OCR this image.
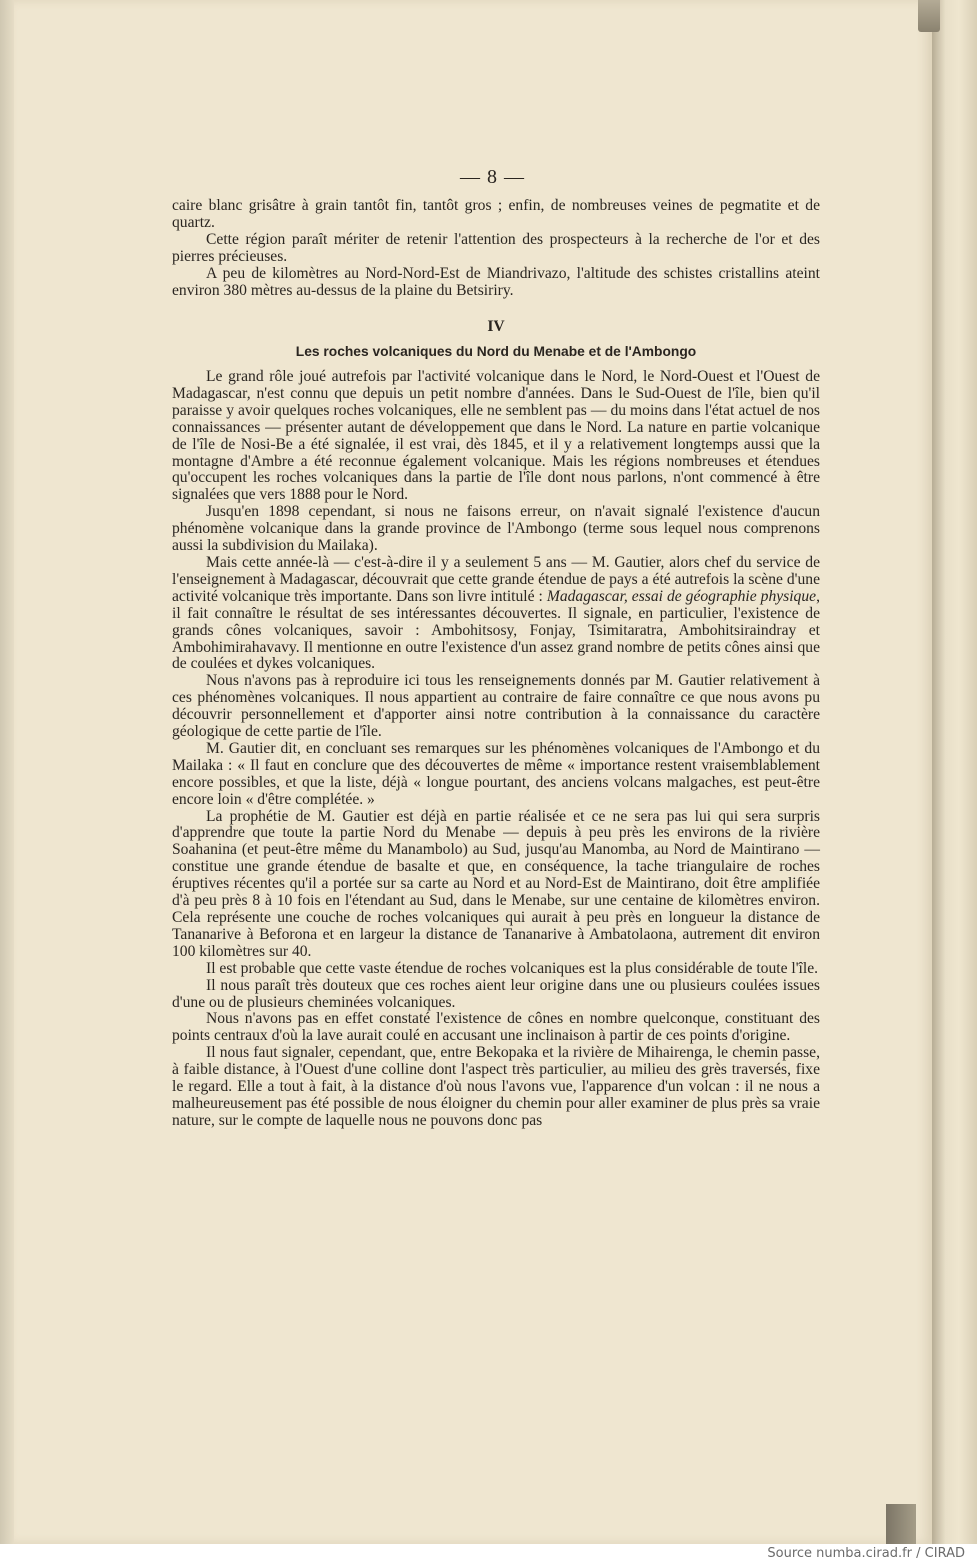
— 8 —

caire blanc grisâtre à grain tantôt fin, tantôt gros ; enfin, de nombreuses veines de pegmatite et de quartz.

Cette région paraît mériter de retenir l'attention des prospecteurs à la recherche de l'or et des pierres précieuses.

A peu de kilomètres au Nord-Nord-Est de Miandrivazo, l'altitude des schistes cristallins ateint environ 380 mètres au-dessus de la plaine du Betsiriry.

IV
Les roches volcaniques du Nord du Menabe et de l'Ambongo

Le grand rôle joué autrefois par l'activité volcanique dans le Nord, le Nord-Ouest et l'Ouest de Madagascar, n'est connu que depuis un petit nombre d'années. Dans le Sud-Ouest de l'île, bien qu'il paraisse y avoir quelques roches volcaniques, elle ne semblent pas — du moins dans l'état actuel de nos connaissances — présenter autant de développement que dans le Nord. La nature en partie volcanique de l'île de Nosi-Be a été signalée, il est vrai, dès 1845, et il y a relativement longtemps aussi que la montagne d'Ambre a été reconnue également volcanique. Mais les régions nombreuses et étendues qu'occupent les roches volcaniques dans la partie de l'île dont nous parlons, n'ont commencé à être signalées que vers 1888 pour le Nord.

Jusqu'en 1898 cependant, si nous ne faisons erreur, on n'avait signalé l'existence d'aucun phénomène volcanique dans la grande province de l'Ambongo (terme sous lequel nous comprenons aussi la subdivision du Mailaka).

Mais cette année-là — c'est-à-dire il y a seulement 5 ans — M. Gautier, alors chef du service de l'enseignement à Madagascar, découvrait que cette grande étendue de pays a été autrefois la scène d'une activité volcanique très importante. Dans son livre intitulé : Madagascar, essai de géographie physique, il fait connaître le résultat de ses intéressantes découvertes. Il signale, en particulier, l'existence de grands cônes volcaniques, savoir : Ambohitsosy, Fonjay, Tsimitaratra, Ambohitsiraindray et Ambohimirahavavy. Il mentionne en outre l'existence d'un assez grand nombre de petits cônes ainsi que de coulées et dykes volcaniques.

Nous n'avons pas à reproduire ici tous les renseignements donnés par M. Gautier relativement à ces phénomènes volcaniques. Il nous appartient au contraire de faire connaître ce que nous avons pu découvrir personnellement et d'apporter ainsi notre contribution à la connaissance du caractère géologique de cette partie de l'île.

M. Gautier dit, en concluant ses remarques sur les phénomènes volcaniques de l'Ambongo et du Mailaka : « Il faut en conclure que des découvertes de même « importance restent vraisemblablement encore possibles, et que la liste, déjà « longue pourtant, des anciens volcans malgaches, est peut-être encore loin « d'être complétée. »

La prophétie de M. Gautier est déjà en partie réalisée et ce ne sera pas lui qui sera surpris d'apprendre que toute la partie Nord du Menabe — depuis à peu près les environs de la rivière Soahanina (et peut-être même du Manambolo) au Sud, jusqu'au Manomba, au Nord de Maintirano — constitue une grande étendue de basalte et que, en conséquence, la tache triangulaire de roches éruptives récentes qu'il a portée sur sa carte au Nord et au Nord-Est de Maintirano, doit être amplifiée d'à peu près 8 à 10 fois en l'étendant au Sud, dans le Menabe, sur une centaine de kilomètres environ. Cela représente une couche de roches volcaniques qui aurait à peu près en longueur la distance de Tananarive à Beforona et en largeur la distance de Tananarive à Ambatolaona, autrement dit environ 100 kilomètres sur 40.

Il est probable que cette vaste étendue de roches volcaniques est la plus considérable de toute l'île.

Il nous paraît très douteux que ces roches aient leur origine dans une ou plusieurs coulées issues d'une ou de plusieurs cheminées volcaniques.

Nous n'avons pas en effet constaté l'existence de cônes en nombre quelconque, constituant des points centraux d'où la lave aurait coulé en accusant une inclinaison à partir de ces points d'origine.

Il nous faut signaler, cependant, que, entre Bekopaka et la rivière de Mihairenga, le chemin passe, à faible distance, à l'Ouest d'une colline dont l'aspect très particulier, au milieu des grès traversés, fixe le regard. Elle a tout à fait, à la distance d'où nous l'avons vue, l'apparence d'un volcan : il ne nous a malheureusement pas été possible de nous éloigner du chemin pour aller examiner de plus près sa vraie nature, sur le compte de laquelle nous ne pouvons donc pas

Source numba.cirad.fr / CIRAD
